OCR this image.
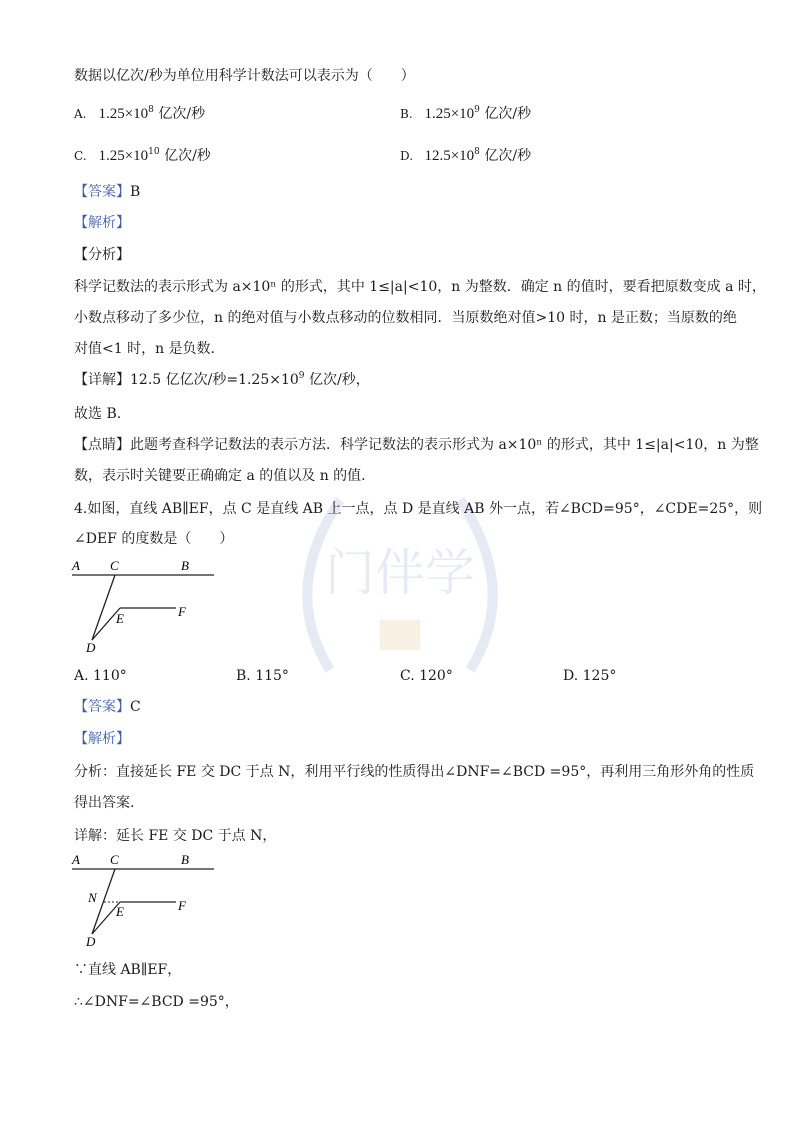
门伴学
数据以亿次/秒为单位用科学计数法可以表示为（　　）
A. $1.25\times 10^8$ 亿次/秒	B. $1.25\times 10^9$ 亿次/秒
C. $1.25\times 10^{10}$ 亿次/秒	D. $12.5\times 10^8$ 亿次/秒
【答案】B
【解析】
【分析】
科学记数法的表示形式为 a×10ⁿ 的形式，其中 1≤|a|<10，n 为整数．确定 n 的值时，要看把原数变成 a 时，
小数点移动了多少位，n 的绝对值与小数点移动的位数相同．当原数绝对值>10 时，n 是正数；当原数的绝
对值<1 时，n 是负数.
【详解】12.5 亿亿次/秒$=1.25\times 10^9$ 亿次/秒，
故选 B.
【点睛】此题考查科学记数法的表示方法．科学记数法的表示形式为 a×10ⁿ 的形式，其中 1≤|a|<10，n 为整
数，表示时关键要正确确定 a 的值以及 n 的值.
4.如图，直线 AB∥EF，点 C 是直线 AB 上一点，点 D 是直线 AB 外一点，若∠BCD=95°，∠CDE=25°，则
∠DEF 的度数是（　　）
A C	B
E	F
D
A. 110°	B. 115°	C. 120°	D. 125°
【答案】C
【解析】
分析：直接延长 FE 交 DC 于点 N，利用平行线的性质得出∠DNF=∠BCD =95°，再利用三角形外角的性质
得出答案.
详解：延长 FE 交 DC 于点 N，
A C	B
N
E	F
D
∵直线 AB∥EF，
∴∠DNF=∠BCD =95°，
